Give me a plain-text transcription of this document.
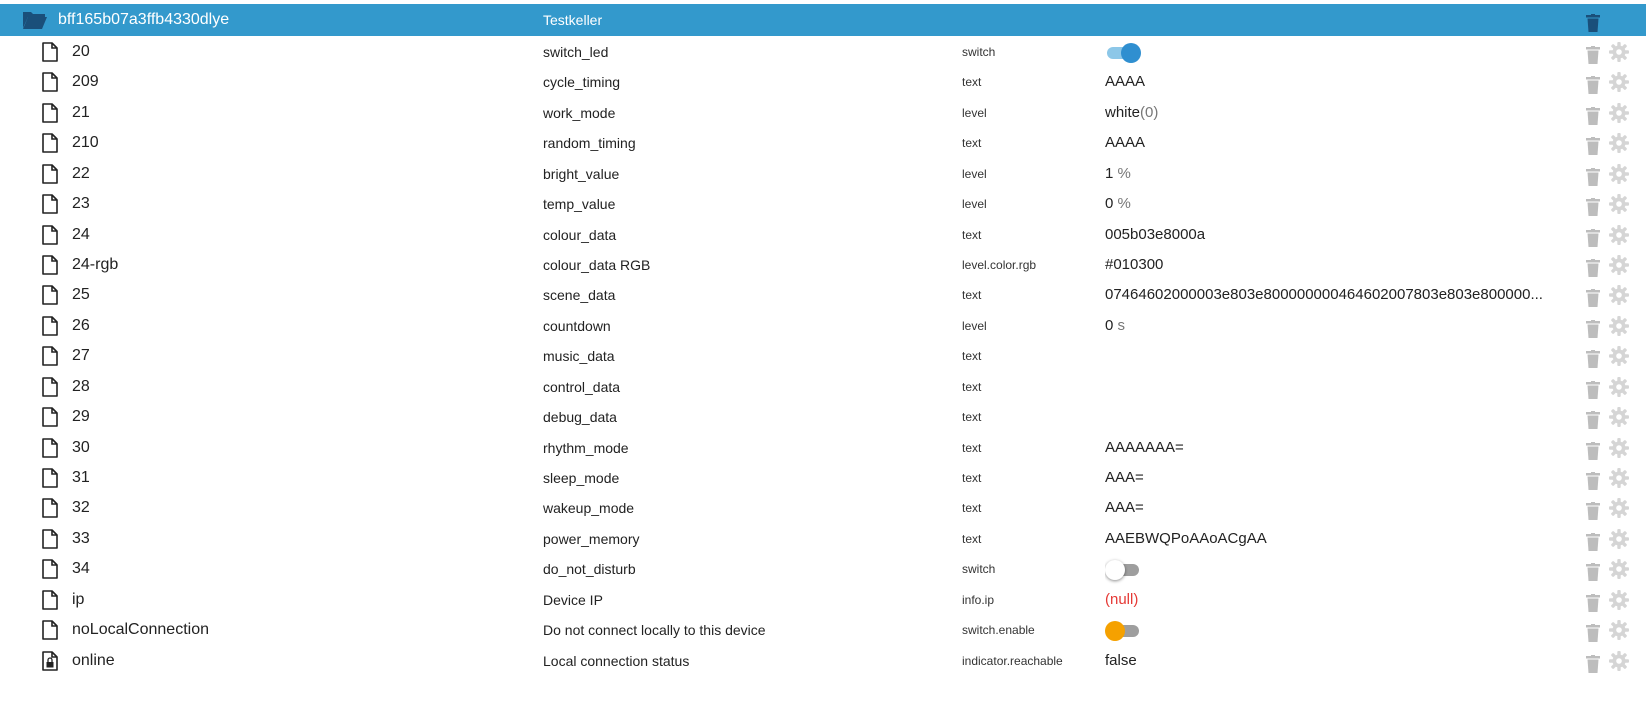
bff165b07a3ffb4330dlye	Testkeller
20	switch_led	switch
209	cycle_timing	text	AAAA
21	work_mode	level	white(0)
210	random_timing	text	AAAA
22	bright_value	level	1 %
23	temp_value	level	0 %
24	colour_data	text	005b03e8000a
24-rgb	colour_data RGB	level.color.rgb	#010300
25	scene_data	text	07464602000003e803e800000000464602007803e803e800000...
26	countdown	level	0 s
27	music_data	text
28	control_data	text
29	debug_data	text
30	rhythm_mode	text	AAAAAAA=
31	sleep_mode	text	AAA=
32	wakeup_mode	text	AAA=
33	power_memory	text	AAEBWQPoAAoACgAA
34	do_not_disturb	switch
ip	Device IP	info.ip	(null)
noLocalConnection	Do not connect locally to this device	switch.enable
online	Local connection status	indicator.reachable	false
